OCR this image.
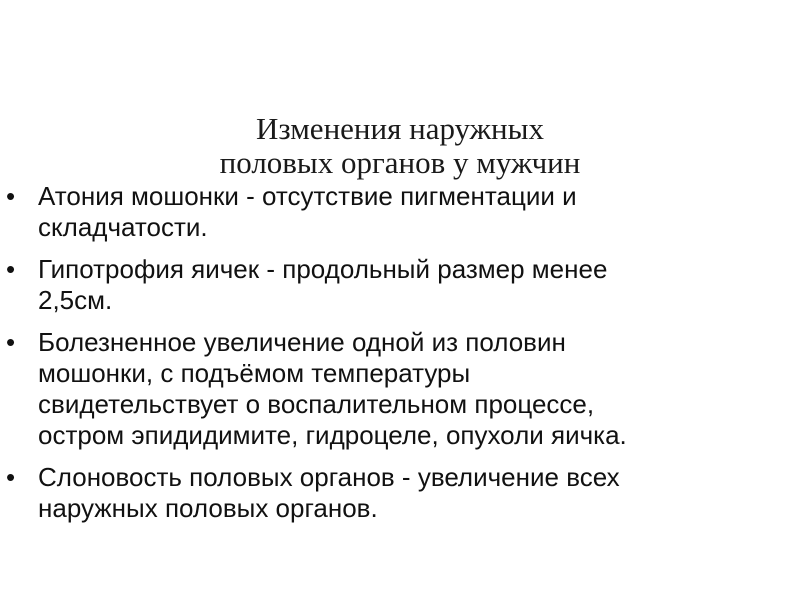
Изменения наружных
половых органов у мужчин
• Атония мошонки - отсутствие пигментации и
складчатости.
• Гипотрофия яичек - продольный размер менее
2,5см.
• Болезненное увеличение одной из половин
мошонки, с подъёмом температуры
свидетельствует о воспалительном процессе,
остром эпидидимите, гидроцеле, опухоли яичка.
• Слоновость половых органов - увеличение всех
наружных половых органов.
